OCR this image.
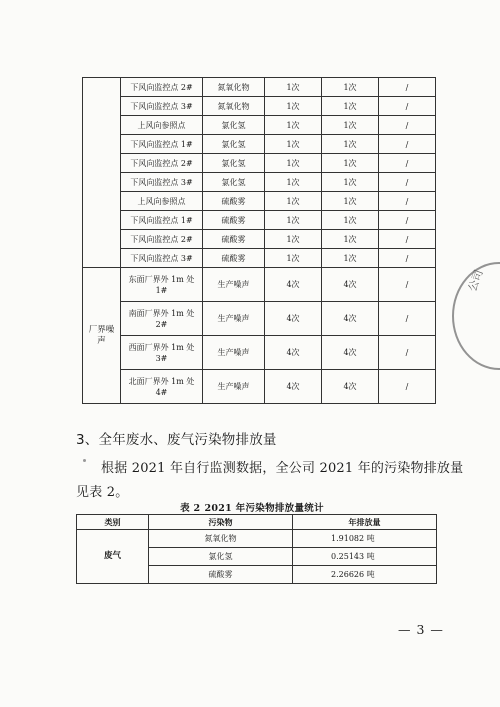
	下风向监控点 2#	氮氧化物	1次	1次	/
	下风向监控点 3#	氮氧化物	1次	1次	/
	上风向参照点	氯化氢	1次	1次	/
	下风向监控点 1#	氯化氢	1次	1次	/
	下风向监控点 2#	氯化氢	1次	1次	/
	下风向监控点 3#	氯化氢	1次	1次	/
	上风向参照点	硫酸雾	1次	1次	/
	下风向监控点 1#	硫酸雾	1次	1次	/
	下风向监控点 2#	硫酸雾	1次	1次	/
	下风向监控点 3#	硫酸雾	1次	1次	/
厂界噪声	东面厂界外 1m 处 1#	生产噪声	4次	4次	/
	南面厂界外 1m 处 2#	生产噪声	4次	4次	/
	西面厂界外 1m 处 3#	生产噪声	4次	4次	/
	北面厂界外 1m 处 4#	生产噪声	4次	4次	/
3、全年废水、废气污染物排放量
根据 2021 年自行监测数据，全公司 2021 年的污染物排放量
见表 2。
表 2 2021 年污染物排放量统计
类别	污染物	年排放量
废气	氮氧化物	1.91082 吨
	氯化氢	0.25143 吨
	硫酸雾	2.26626 吨
公司
— 3 —
